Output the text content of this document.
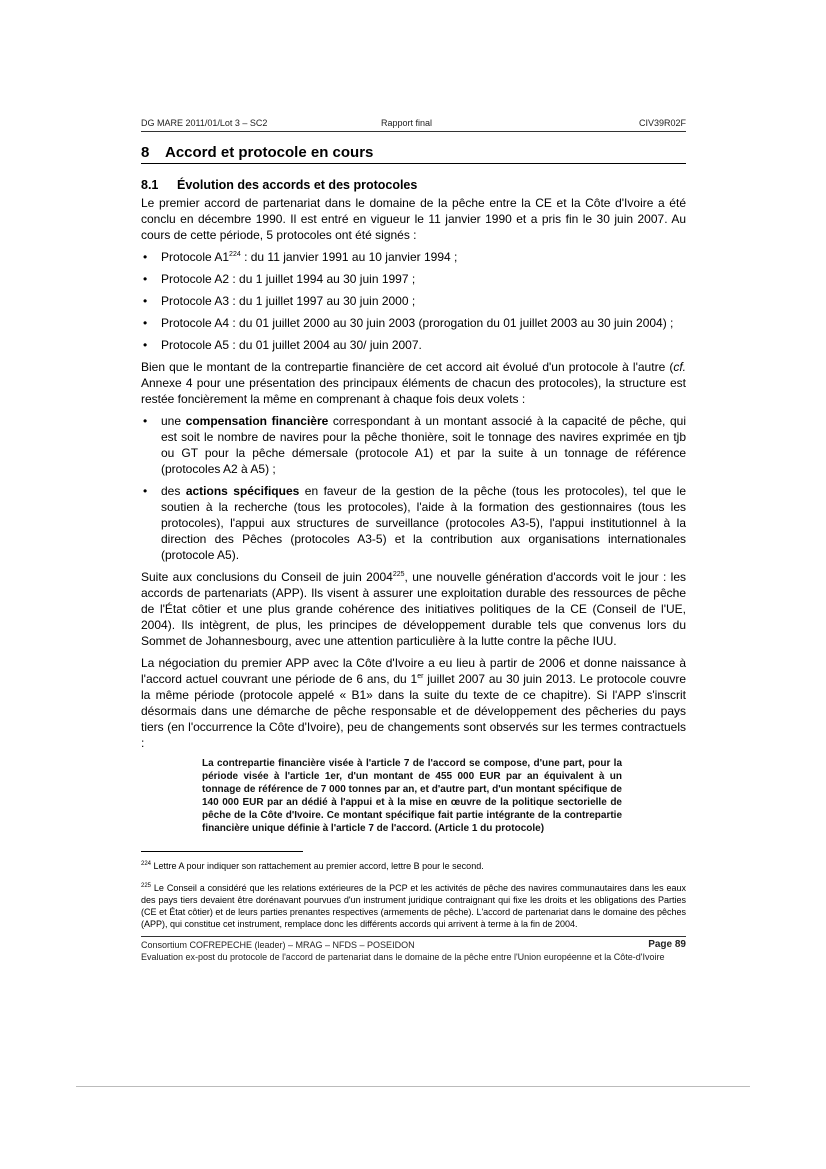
DG MARE 2011/01/Lot 3 – SC2	Rapport final	CIV39R02F
8 Accord et protocole en cours
8.1 Évolution des accords et des protocoles

Le premier accord de partenariat dans le domaine de la pêche entre la CE et la Côte d'Ivoire a été conclu en décembre 1990. Il est entré en vigueur le 11 janvier 1990 et a pris fin le 30 juin 2007. Au cours de cette période, 5 protocoles ont été signés :

• Protocole $A1^{224}$ : du 11 janvier 1991 au 10 janvier 1994 ;
• Protocole A2 : du 1 juillet 1994 au 30 juin 1997 ;
• Protocole A3 : du 1 juillet 1997 au 30 juin 2000 ;
• Protocole A4 : du 01 juillet 2000 au 30 juin 2003 (prorogation du 01 juillet 2003 au 30 juin 2004) ;
• Protocole A5 : du 01 juillet 2004 au 30/ juin 2007.

Bien que le montant de la contrepartie financière de cet accord ait évolué d'un protocole à l'autre (cf. Annexe 4 pour une présentation des principaux éléments de chacun des protocoles), la structure est restée foncièrement la même en comprenant à chaque fois deux volets :

• une compensation financière correspondant à un montant associé à la capacité de pêche, qui est soit le nombre de navires pour la pêche thonière, soit le tonnage des navires exprimée en tjb ou GT pour la pêche démersale (protocole A1) et par la suite à un tonnage de référence (protocoles A2 à A5) ;
• des actions spécifiques en faveur de la gestion de la pêche (tous les protocoles), tel que le soutien à la recherche (tous les protocoles), l'aide à la formation des gestionnaires (tous les protocoles), l'appui aux structures de surveillance (protocoles A3-5), l'appui institutionnel à la direction des Pêches (protocoles A3-5) et la contribution aux organisations internationales (protocole A5).

Suite aux conclusions du Conseil de juin 2004$^{225}$, une nouvelle génération d'accords voit le jour : les accords de partenariats (APP). Ils visent à assurer une exploitation durable des ressources de pêche de l'État côtier et une plus grande cohérence des initiatives politiques de la CE (Conseil de l'UE, 2004). Ils intègrent, de plus, les principes de développement durable tels que convenus lors du Sommet de Johannesbourg, avec une attention particulière à la lutte contre la pêche IUU.

La négociation du premier APP avec la Côte d'Ivoire a eu lieu à partir de 2006 et donne naissance à l'accord actuel couvrant une période de 6 ans, du 1er juillet 2007 au 30 juin 2013. Le protocole couvre la même période (protocole appelé « B1» dans la suite du texte de ce chapitre). Si l'APP s'inscrit désormais dans une démarche de pêche responsable et de développement des pêcheries du pays tiers (en l'occurrence la Côte d'Ivoire), peu de changements sont observés sur les termes contractuels :

La contrepartie financière visée à l'article 7 de l'accord se compose, d'une part, pour la période visée à l'article 1er, d'un montant de 455 000 EUR par an équivalent à un tonnage de référence de 7 000 tonnes par an, et d'autre part, d'un montant spécifique de 140 000 EUR par an dédié à l'appui et à la mise en œuvre de la politique sectorielle de pêche de la Côte d'Ivoire. Ce montant spécifique fait partie intégrante de la contrepartie financière unique définie à l'article 7 de l'accord. (Article 1 du protocole)

$^{224}$ Lettre A pour indiquer son rattachement au premier accord, lettre B pour le second.

$^{225}$ Le Conseil a considéré que les relations extérieures de la PCP et les activités de pêche des navires communautaires dans les eaux des pays tiers devaient être dorénavant pourvues d'un instrument juridique contraignant qui fixe les droits et les obligations des Parties (CE et État côtier) et de leurs parties prenantes respectives (armements de pêche). L'accord de partenariat dans le domaine des pêches (APP), qui constitue cet instrument, remplace donc les différents accords qui arrivent à terme à la fin de 2004.

Consortium COFREPECHE (leader) – MRAG – NFDS – POSEIDON	Page 89
Evaluation ex-post du protocole de l'accord de partenariat dans le domaine de la pêche entre l'Union européenne et la Côte-d'Ivoire
